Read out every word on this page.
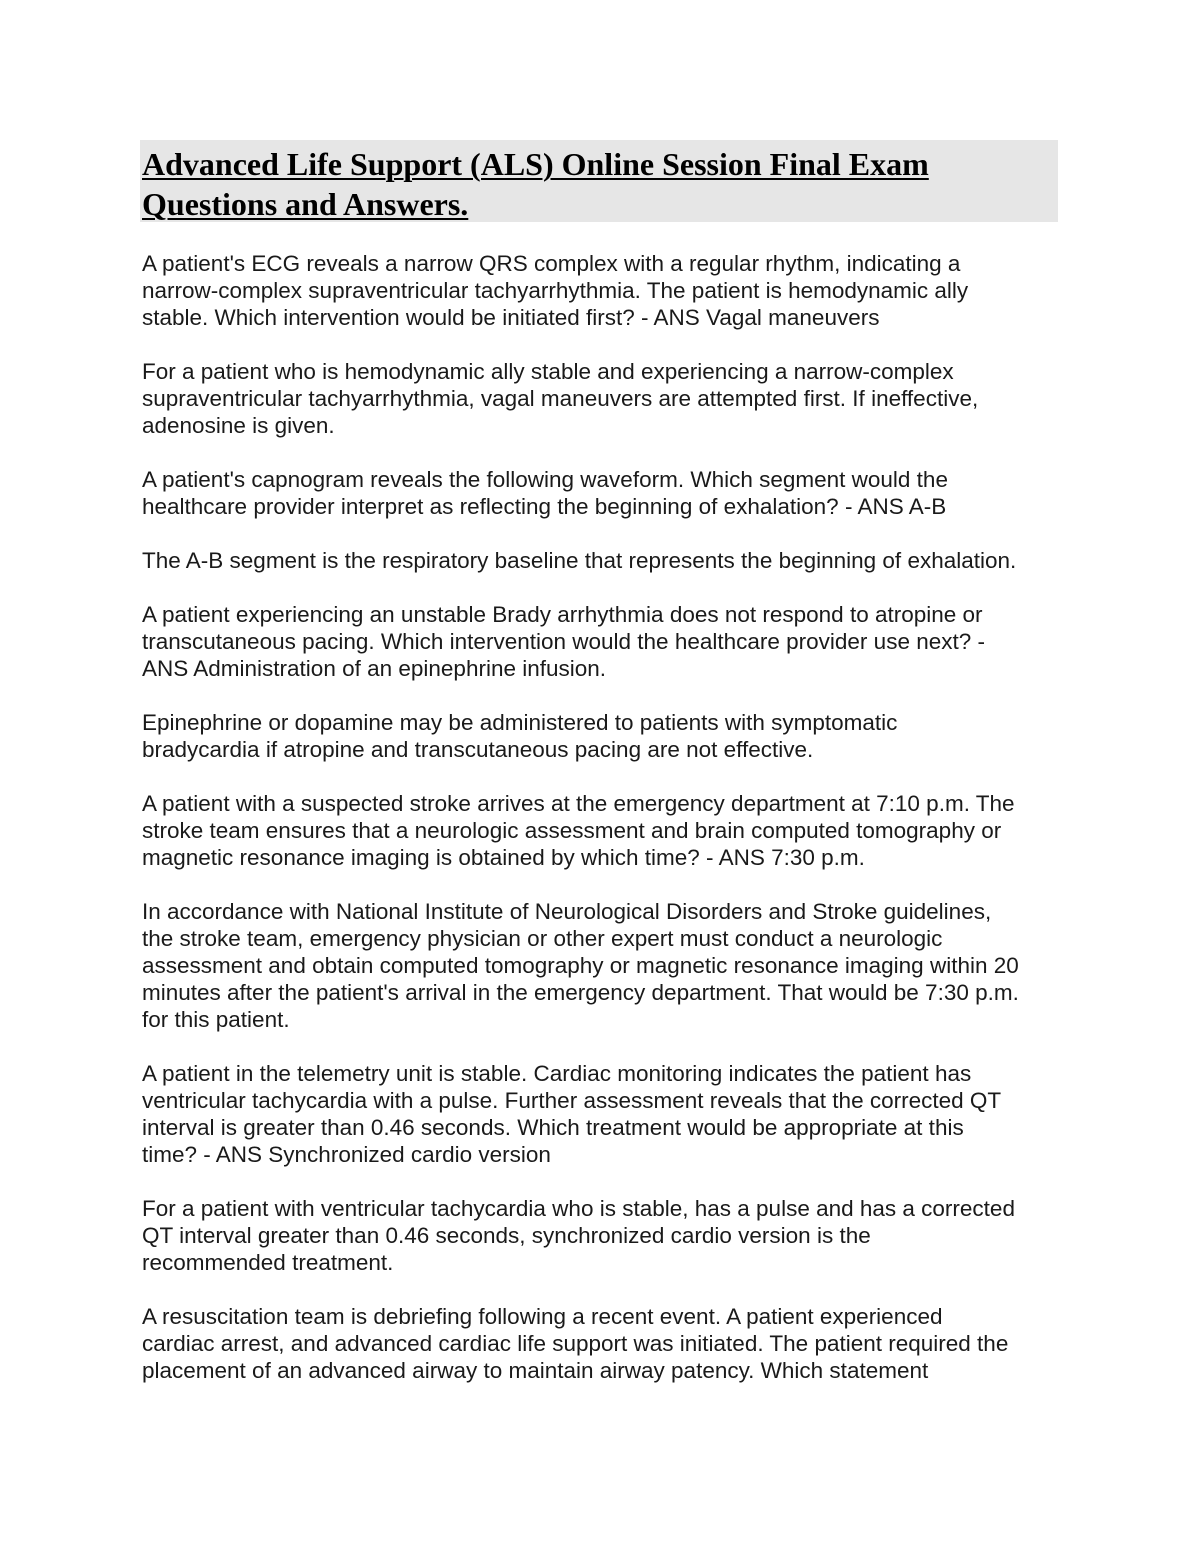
Advanced Life Support (ALS) Online Session Final Exam
Questions and Answers.

A patient's ECG reveals a narrow QRS complex with a regular rhythm, indicating a
narrow-complex supraventricular tachyarrhythmia. The patient is hemodynamic ally
stable. Which intervention would be initiated first? - ANS Vagal maneuvers

For a patient who is hemodynamic ally stable and experiencing a narrow-complex
supraventricular tachyarrhythmia, vagal maneuvers are attempted first. If ineffective,
adenosine is given.

A patient's capnogram reveals the following waveform. Which segment would the
healthcare provider interpret as reflecting the beginning of exhalation? - ANS A-B

The A-B segment is the respiratory baseline that represents the beginning of exhalation.

A patient experiencing an unstable Brady arrhythmia does not respond to atropine or
transcutaneous pacing. Which intervention would the healthcare provider use next? -
ANS Administration of an epinephrine infusion.

Epinephrine or dopamine may be administered to patients with symptomatic
bradycardia if atropine and transcutaneous pacing are not effective.

A patient with a suspected stroke arrives at the emergency department at 7:10 p.m. The
stroke team ensures that a neurologic assessment and brain computed tomography or
magnetic resonance imaging is obtained by which time? - ANS 7:30 p.m.

In accordance with National Institute of Neurological Disorders and Stroke guidelines,
the stroke team, emergency physician or other expert must conduct a neurologic
assessment and obtain computed tomography or magnetic resonance imaging within 20
minutes after the patient's arrival in the emergency department. That would be 7:30 p.m.
for this patient.

A patient in the telemetry unit is stable. Cardiac monitoring indicates the patient has
ventricular tachycardia with a pulse. Further assessment reveals that the corrected QT
interval is greater than 0.46 seconds. Which treatment would be appropriate at this
time? - ANS Synchronized cardio version

For a patient with ventricular tachycardia who is stable, has a pulse and has a corrected
QT interval greater than 0.46 seconds, synchronized cardio version is the
recommended treatment.

A resuscitation team is debriefing following a recent event. A patient experienced
cardiac arrest, and advanced cardiac life support was initiated. The patient required the
placement of an advanced airway to maintain airway patency. Which statement
